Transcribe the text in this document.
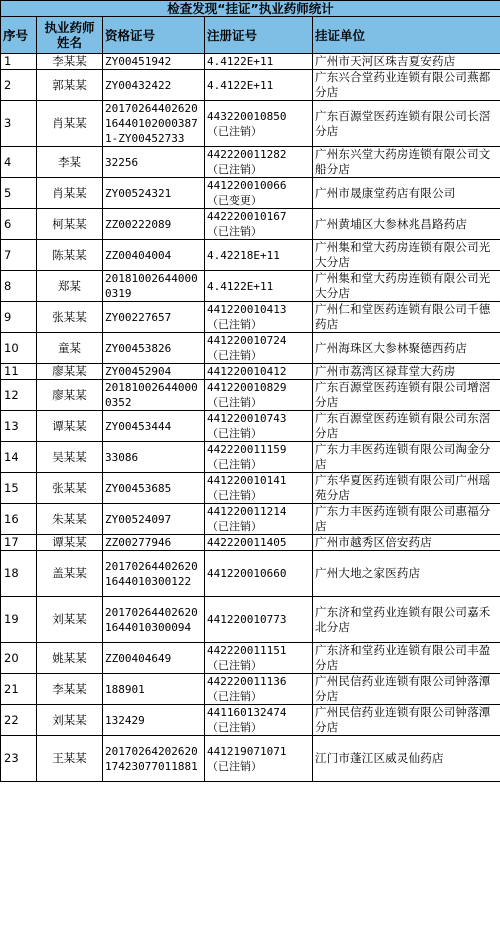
检查发现“挂证”执业药师统计				
序号	执业药师姓名	资格证号	注册证号	挂证单位
1	李某某	ZY00451942	4.4122E+11	广州市天河区珠吉夏安药店
2	郭某某	ZY00432422	4.4122E+11	广东兴合堂药业连锁有限公司燕都分店
3	肖某某	20170264402620164401020003871-ZY00452733	443220010850
（已注销）	广东百源堂医药连锁有限公司长滘分店
4	李某	32256	442220011282
（已注销）	广州东兴堂大药房连锁有限公司文船分店
5	肖某某	ZY00524321	441220010066
（已变更）	广州市晟康堂药店有限公司
6	柯某某	ZZ00222089	442220010167
（已注销）	广州黄埔区大参林兆昌路药店
7	陈某某	ZZ00404004	4.42218E+11	广州集和堂大药房连锁有限公司光大分店
8	郑某	201810026440000319	4.4122E+11	广州集和堂大药房连锁有限公司光大分店
9	张某某	ZY00227657	441220010413
（已注销）	广州仁和堂医药连锁有限公司千德药店
10	童某	ZY00453826	441220010724
（已注销）	广州海珠区大参林聚德西药店
11	廖某某	ZY00452904	441220010412	广州市荔湾区禄茸堂大药房
12	廖某某	201810026440000352	441220010829
（已注销）	广东百源堂医药连锁有限公司增滘分店
13	谭某某	ZY00453444	441220010743
（已注销）	广东百源堂医药连锁有限公司东滘分店
14	吴某某	33086	442220011159
（已注销）	广东力丰医药连锁有限公司淘金分店
15	张某某	ZY00453685	441220010141
（已注销）	广东华夏医药连锁有限公司广州瑶苑分店
16	朱某某	ZY00524097	441220011214
（已注销）	广东力丰医药连锁有限公司惠福分店
17	谭某某	ZZ00277946	442220011405	广州市越秀区倍安药店
18	盖某某	201702644026201644010300122	441220010660	广州大地之家医药店
19	刘某某	201702644026201644010300094	441220010773	广东济和堂药业连锁有限公司嘉禾北分店
20	姚某某	ZZ00404649	442220011151
（已注销）	广东济和堂药业连锁有限公司丰盈分店
21	李某某	188901	442220011136
（已注销）	广州民信药业连锁有限公司钟落潭分店
22	刘某某	132429	441160132474
（已注销）	广州民信药业连锁有限公司钟落潭分店
23	王某某	2017026420262017423077011881	441219071071
（已注销）	江门市蓬江区威灵仙药店
